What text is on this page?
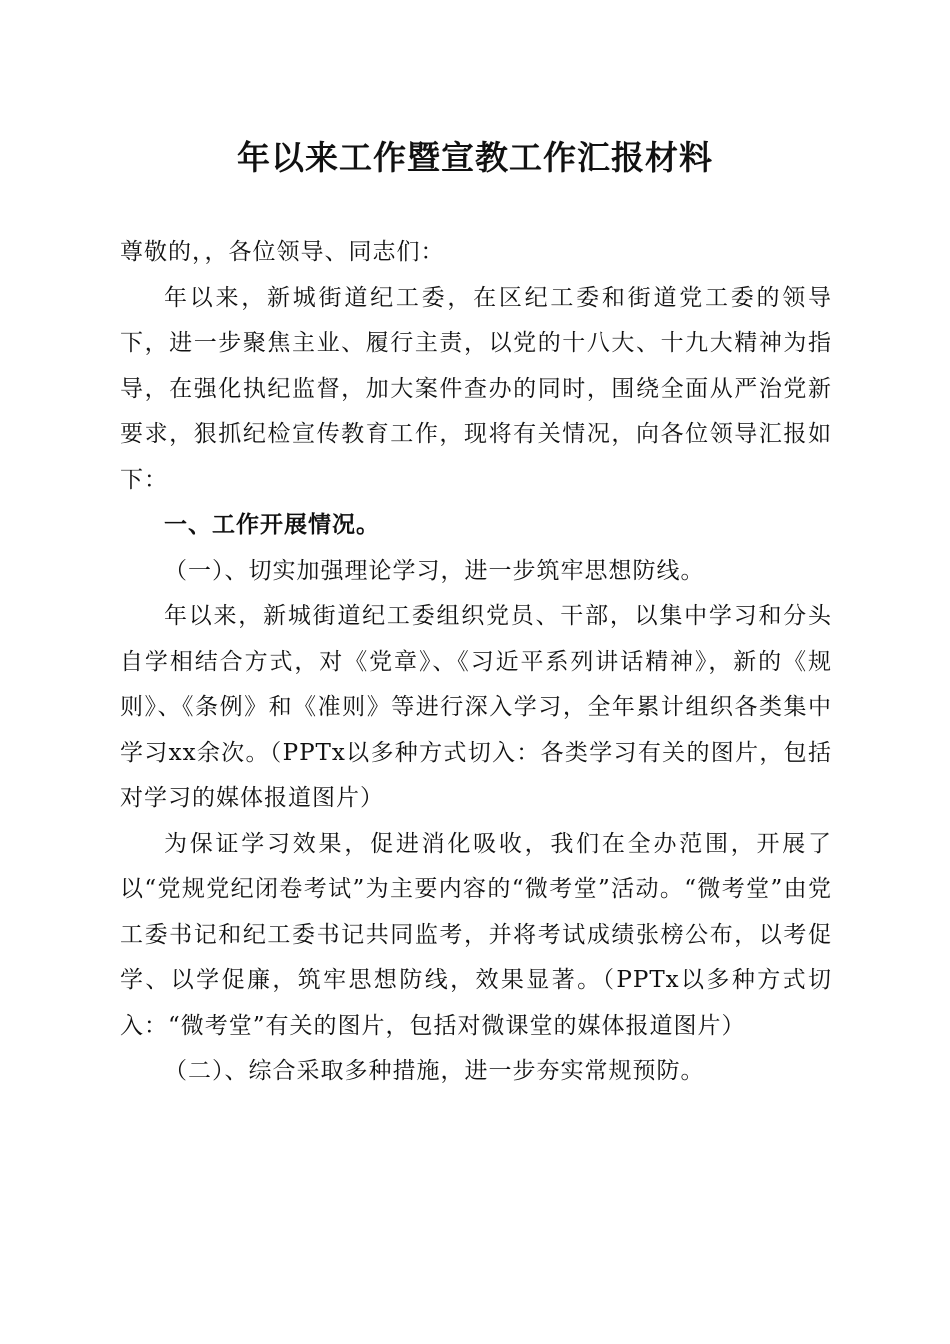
年以来工作暨宣教工作汇报材料

尊敬的，，各位领导、同志们：

年以来，新城街道纪工委，在区纪工委和街道党工委的领导下，进一步聚焦主业、履行主责，以党的十八大、十九大精神为指导，在强化执纪监督，加大案件查办的同时，围绕全面从严治党新要求，狠抓纪检宣传教育工作，现将有关情况，向各位领导汇报如下：

一、工作开展情况。

（一）、切实加强理论学习，进一步筑牢思想防线。

年以来，新城街道纪工委组织党员、干部，以集中学习和分头自学相结合方式，对《党章》、《习近平系列讲话精神》，新的《规则》、《条例》和《准则》等进行深入学习，全年累计组织各类集中学习xx余次。（PPTx以多种方式切入：各类学习有关的图片，包括对学习的媒体报道图片）

为保证学习效果，促进消化吸收，我们在全办范围，开展了以“党规党纪闭卷考试”为主要内容的“微考堂”活动。“微考堂”由党工委书记和纪工委书记共同监考，并将考试成绩张榜公布，以考促学、以学促廉，筑牢思想防线，效果显著。（PPTx以多种方式切入：“微考堂”有关的图片，包括对微课堂的媒体报道图片）

（二）、综合采取多种措施，进一步夯实常规预防。
